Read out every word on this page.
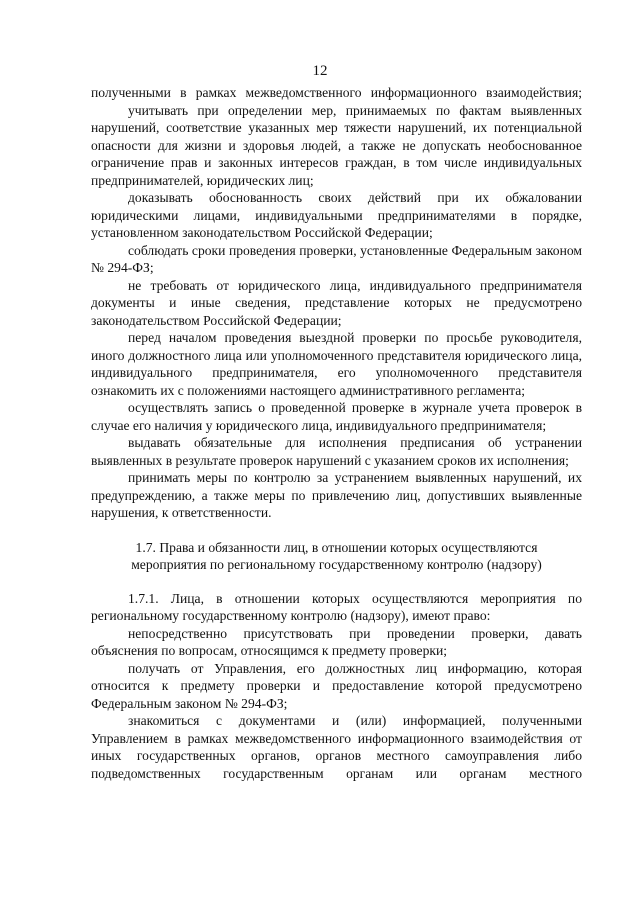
12

полученными в рамках межведомственного информационного взаимодействия;

учитывать при определении мер, принимаемых по фактам выявленных нарушений, соответствие указанных мер тяжести нарушений, их потенциальной опасности для жизни и здоровья людей, а также не допускать необоснованное ограничение прав и законных интересов граждан, в том числе индивидуальных предпринимателей, юридических лиц;

доказывать обоснованность своих действий при их обжаловании юридическими лицами, индивидуальными предпринимателями в порядке, установленном законодательством Российской Федерации;

соблюдать сроки проведения проверки, установленные Федеральным законом № 294-ФЗ;

не требовать от юридического лица, индивидуального предпринимателя документы и иные сведения, представление которых не предусмотрено законодательством Российской Федерации;

перед началом проведения выездной проверки по просьбе руководителя, иного должностного лица или уполномоченного представителя юридического лица, индивидуального предпринимателя, его уполномоченного представителя ознакомить их с положениями настоящего административного регламента;

осуществлять запись о проведенной проверке в журнале учета проверок в случае его наличия у юридического лица, индивидуального предпринимателя;

выдавать обязательные для исполнения предписания об устранении выявленных в результате проверок нарушений с указанием сроков их исполнения;

принимать меры по контролю за устранением выявленных нарушений, их предупреждению, а также меры по привлечению лиц, допустивших выявленные нарушения, к ответственности.

1.7. Права и обязанности лиц, в отношении которых осуществляются мероприятия по региональному государственному контролю (надзору)

1.7.1. Лица, в отношении которых осуществляются мероприятия по региональному государственному контролю (надзору), имеют право:

непосредственно присутствовать при проведении проверки, давать объяснения по вопросам, относящимся к предмету проверки;

получать от Управления, его должностных лиц информацию, которая относится к предмету проверки и предоставление которой предусмотрено Федеральным законом № 294-ФЗ;

знакомиться с документами и (или) информацией, полученными Управлением в рамках межведомственного информационного взаимодействия от иных государственных органов, органов местного самоуправления либо подведомственных государственным органам или органам местного
